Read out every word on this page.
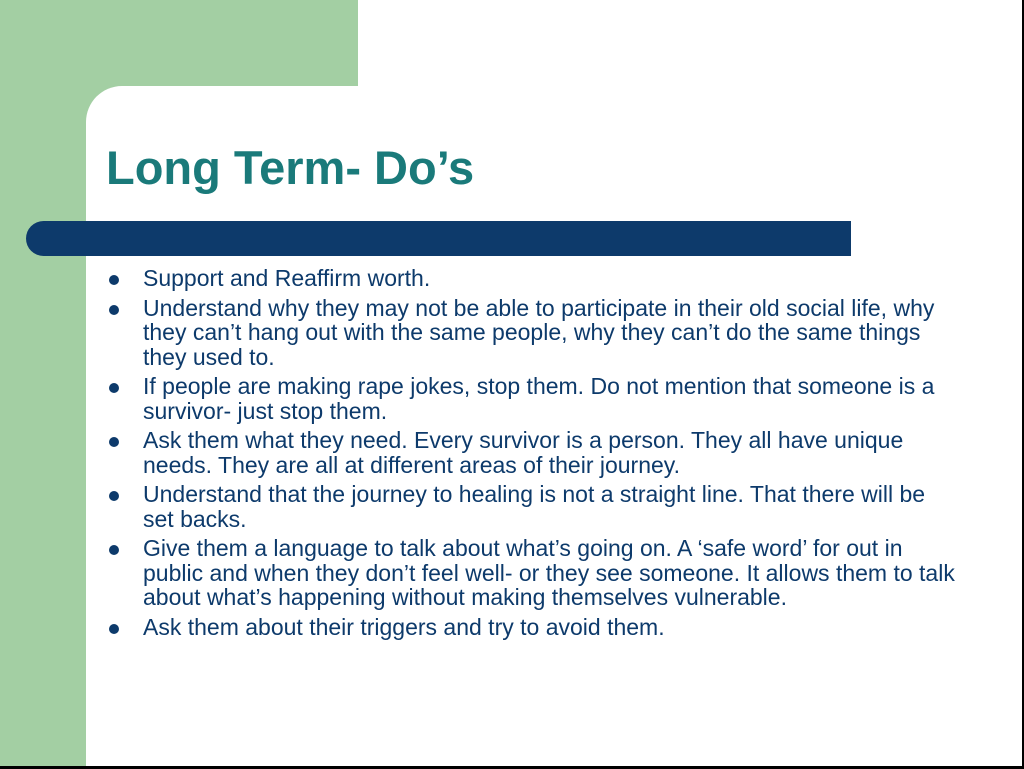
Long Term- Do’s
Support and Reaffirm worth.
Understand why they may not be able to participate in their old social life, why they can’t hang out with the same people, why they can’t do the same things they used to.
If people are making rape jokes, stop them. Do not mention that someone is a survivor- just stop them.
Ask them what they need. Every survivor is a person. They all have unique needs. They are all at different areas of their journey.
Understand that the journey to healing is not a straight line. That there will be set backs.
Give them a language to talk about what’s going on. A ‘safe word’ for out in public and when they don’t feel well- or they see someone. It allows them to talk about what’s happening without making themselves vulnerable.
Ask them about their triggers and try to avoid them.
